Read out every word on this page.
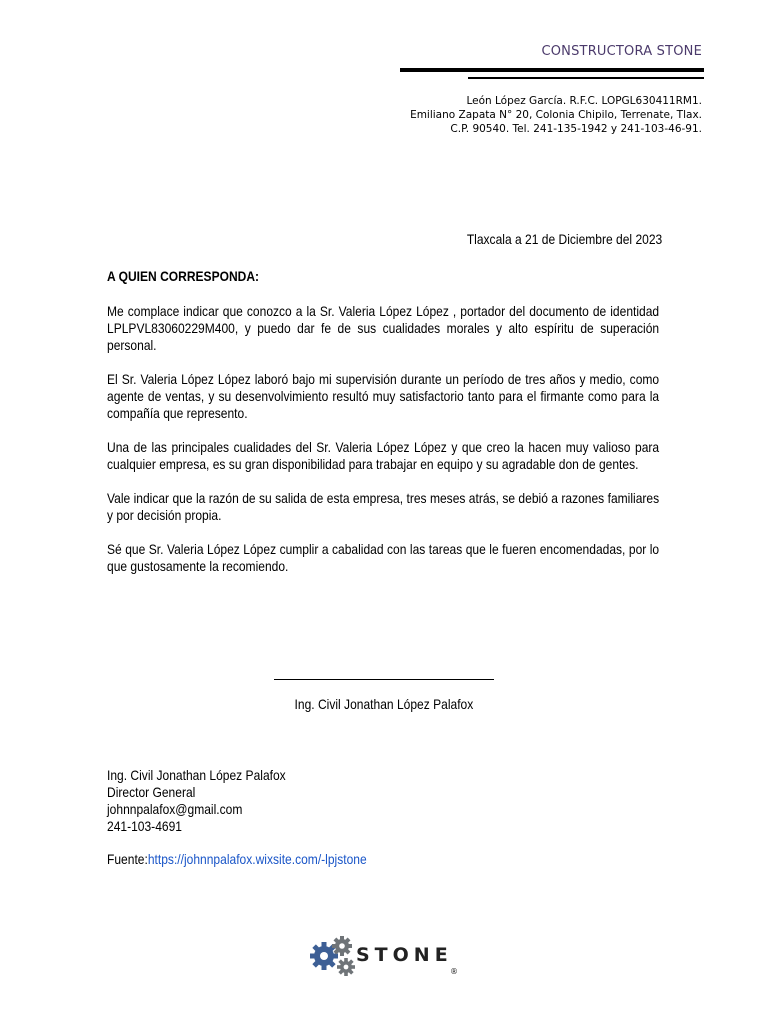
CONSTRUCTORA STONE
León López García. R.F.C. LOPGL630411RM1.
Emiliano Zapata N° 20, Colonia Chipilo, Terrenate, Tlax.
C.P. 90540. Tel. 241-135-1942 y 241-103-46-91.
Tlaxcala a 21 de Diciembre del 2023
A QUIEN CORRESPONDA:
Me complace indicar que conozco a la Sr. Valeria López López , portador del documento de identidad LPLPVL83060229M400, y puedo dar fe de sus cualidades morales y alto espíritu de superación personal.
El Sr. Valeria López López laboró bajo mi supervisión durante un período de tres años y medio, como agente de ventas, y su desenvolvimiento resultó muy satisfactorio tanto para el firmante como para la compañía que represento.
Una de las principales cualidades del Sr. Valeria López López y que creo la hacen muy valioso para cualquier empresa, es su gran disponibilidad para trabajar en equipo y su agradable don de gentes.
Vale indicar que la razón de su salida de esta empresa, tres meses atrás, se debió a razones familiares y por decisión propia.
Sé que Sr. Valeria López López cumplir a cabalidad con las tareas que le fueren encomendadas, por lo que gustosamente la recomiendo.
Ing. Civil Jonathan López Palafox
Ing. Civil Jonathan López Palafox
Director General
johnnpalafox@gmail.com
241-103-4691
Fuente:https://johnnpalafox.wixsite.com/-lpjstone
STONE
®
